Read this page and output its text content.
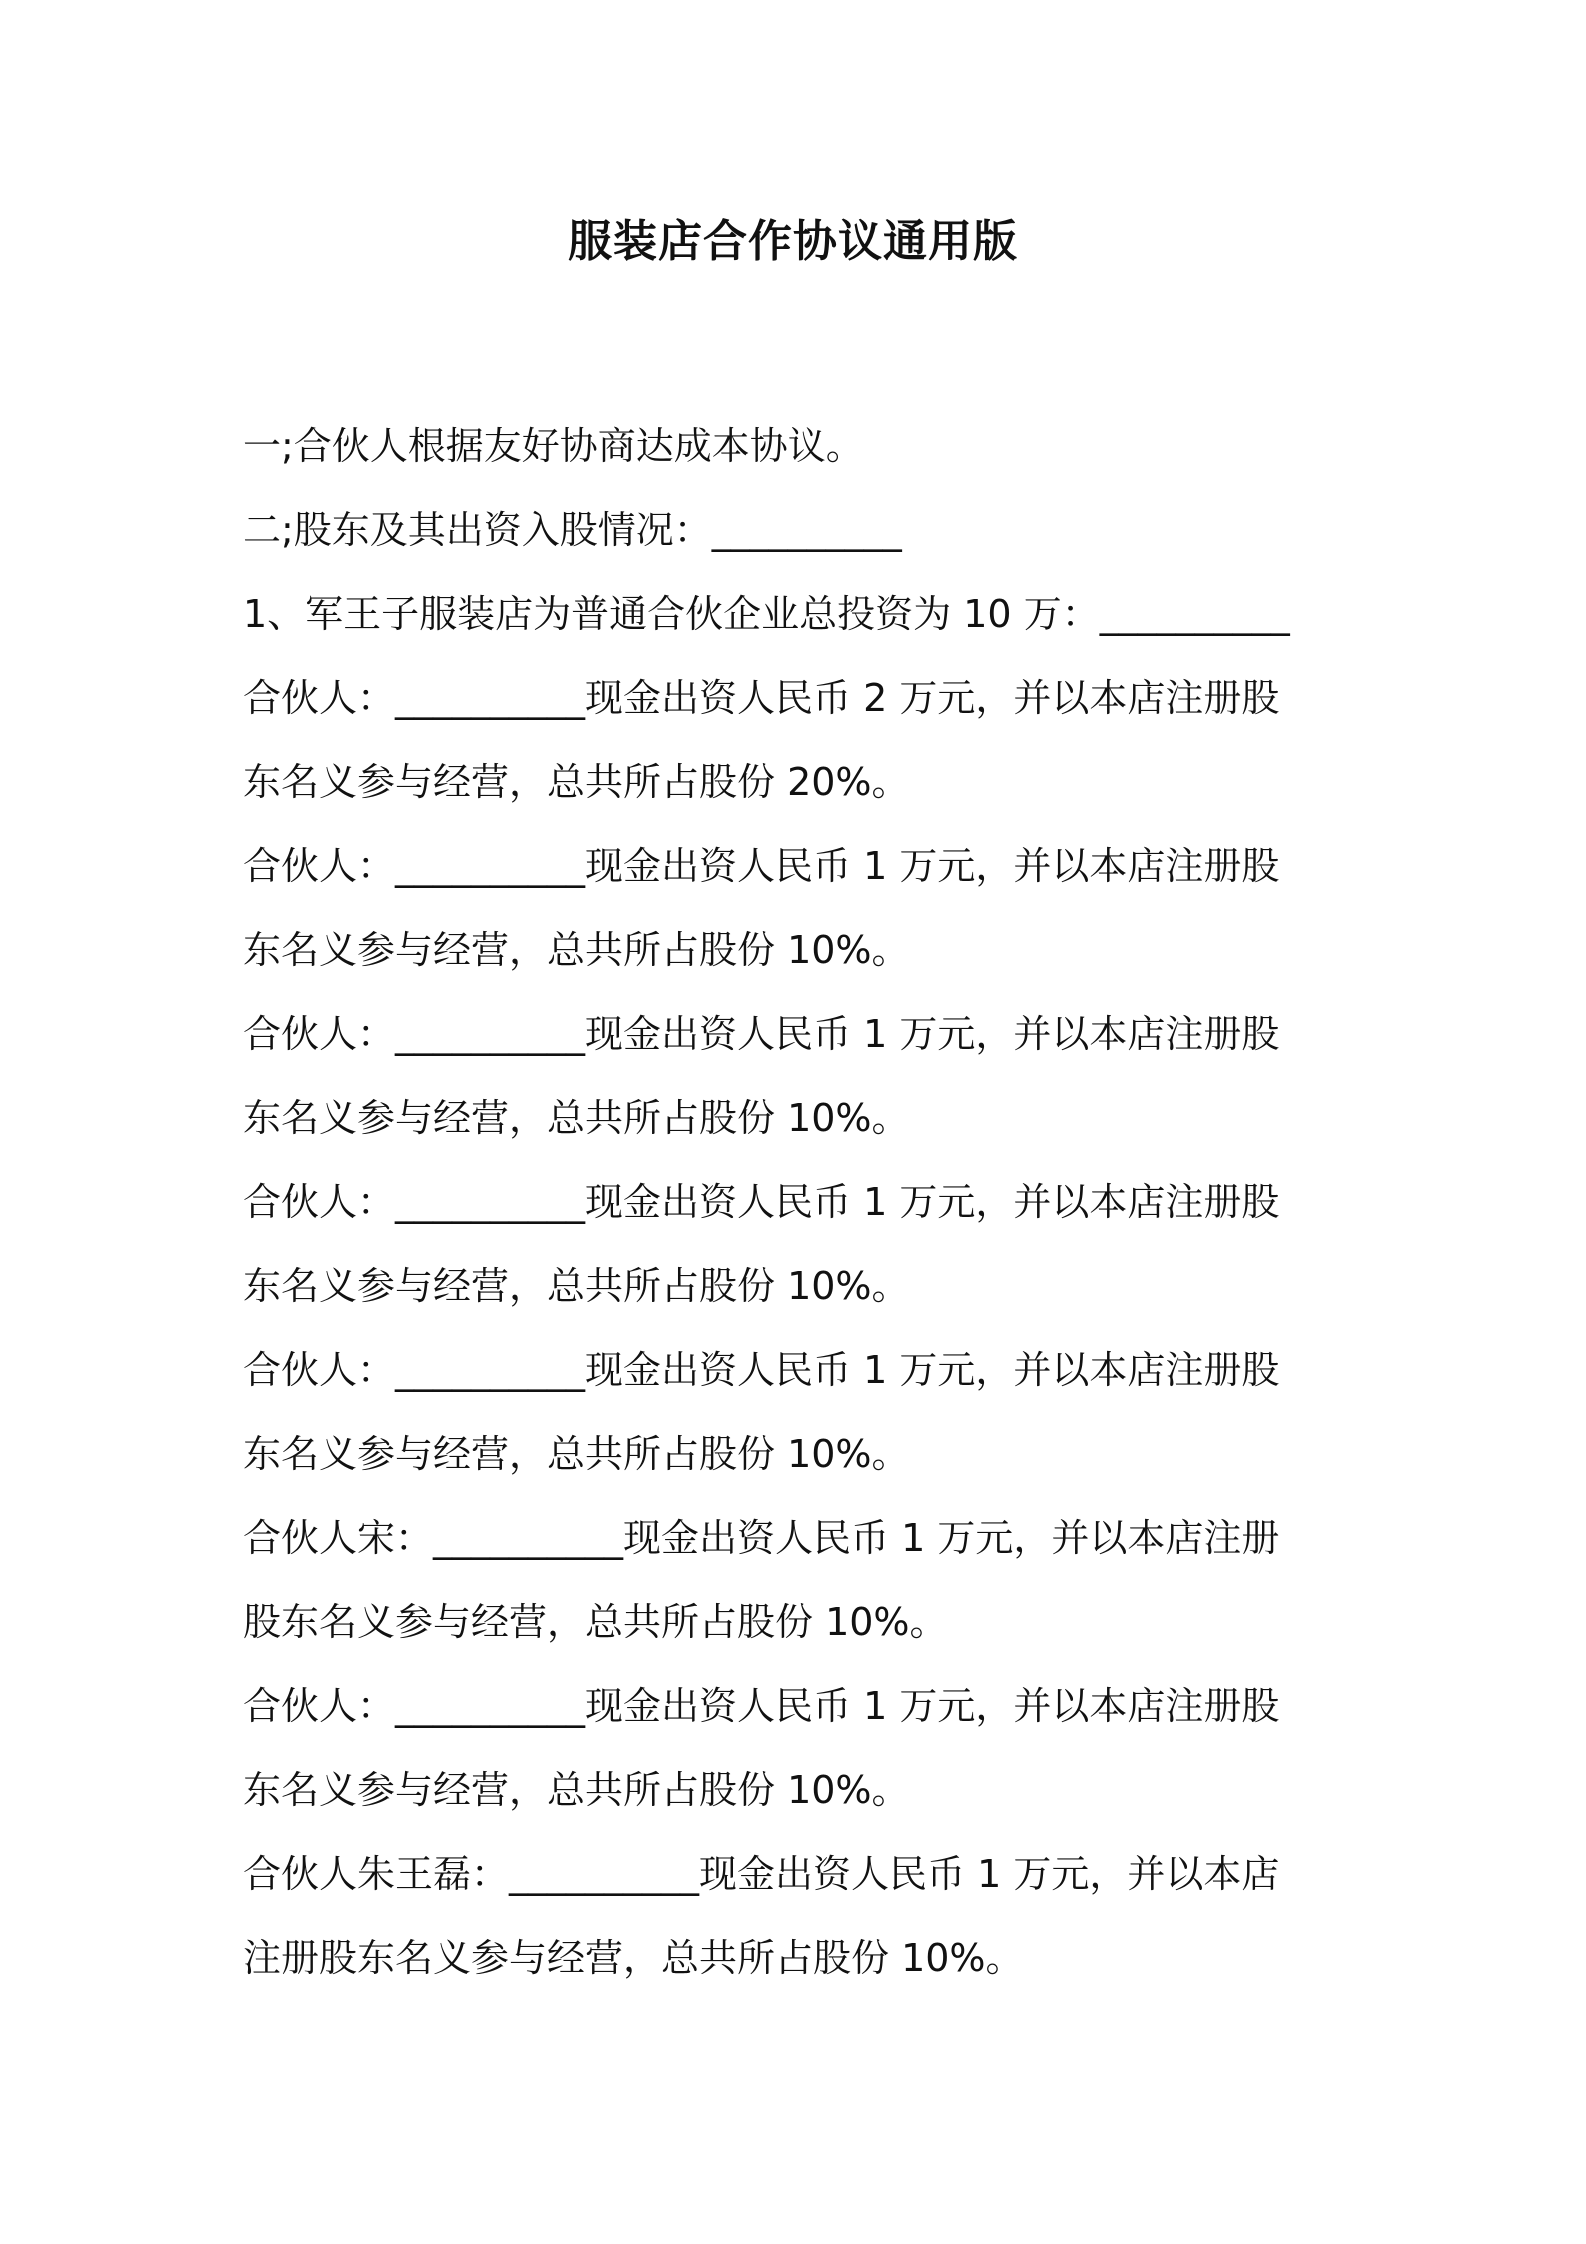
服装店合作协议通用版

一;合伙人根据友好协商达成本协议。

二;股东及其出资入股情况：__________

1、军王子服装店为普通合伙企业总投资为 10 万：__________

合伙人：__________现金出资人民币 2 万元，并以本店注册股

东名义参与经营，总共所占股份 20%。

合伙人：__________现金出资人民币 1 万元，并以本店注册股

东名义参与经营，总共所占股份 10%。

合伙人：__________现金出资人民币 1 万元，并以本店注册股

东名义参与经营，总共所占股份 10%。

合伙人：__________现金出资人民币 1 万元，并以本店注册股

东名义参与经营，总共所占股份 10%。

合伙人：__________现金出资人民币 1 万元，并以本店注册股

东名义参与经营，总共所占股份 10%。

合伙人宋：__________现金出资人民币 1 万元，并以本店注册

股东名义参与经营，总共所占股份 10%。

合伙人：__________现金出资人民币 1 万元，并以本店注册股

东名义参与经营，总共所占股份 10%。

合伙人朱王磊：__________现金出资人民币 1 万元，并以本店

注册股东名义参与经营，总共所占股份 10%。
